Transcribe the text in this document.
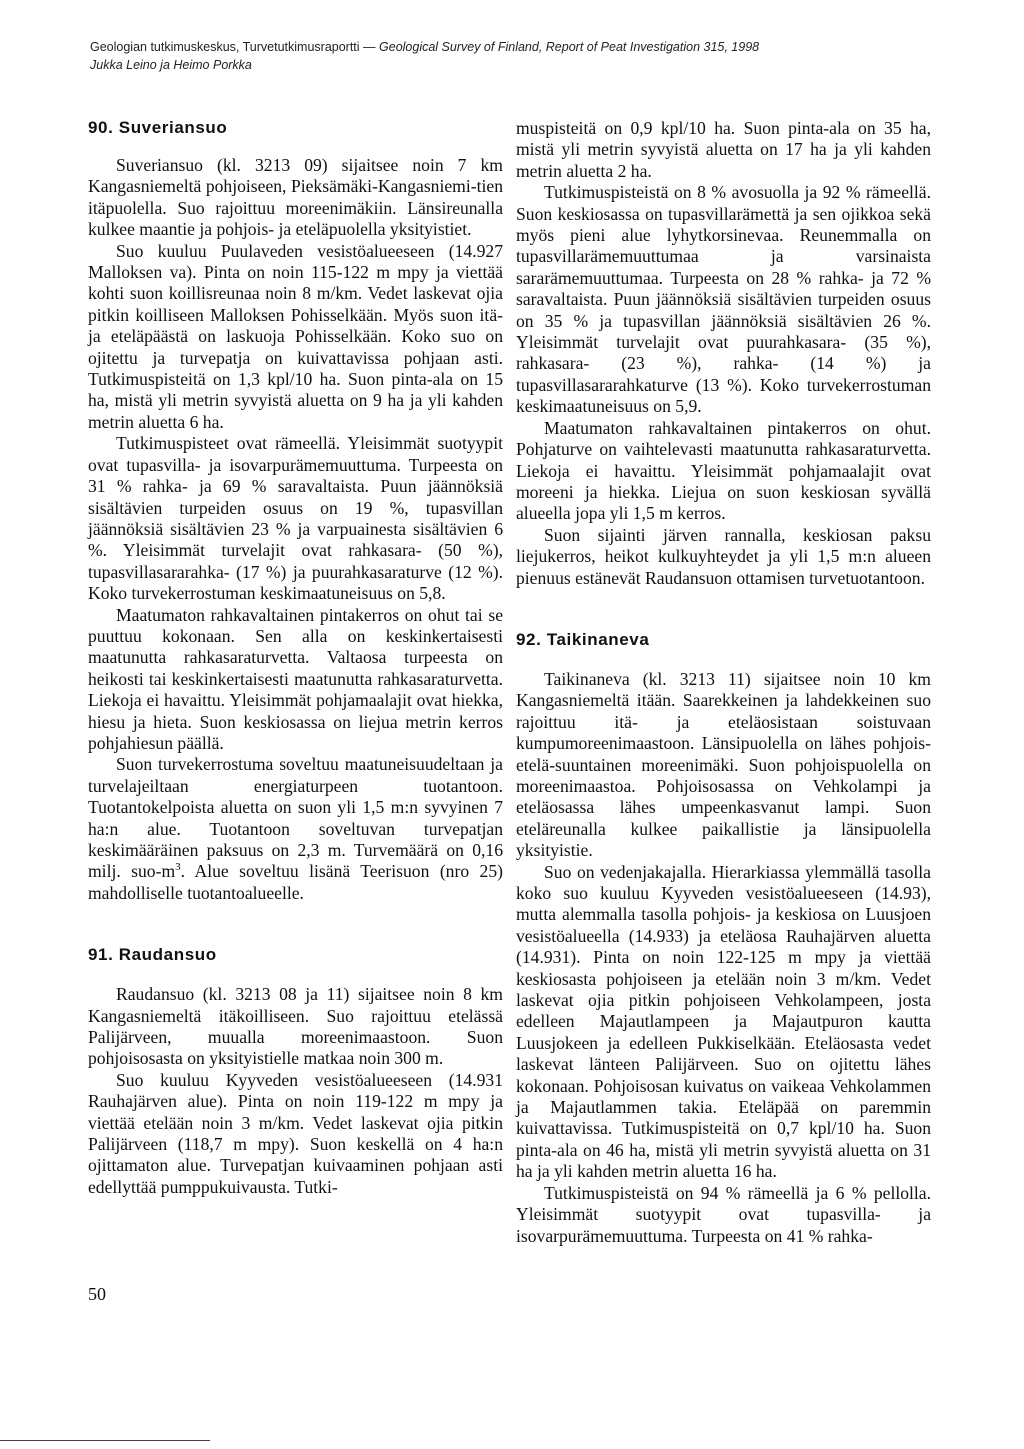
Geologian tutkimuskeskus, Turvetutkimusraportti — Geological Survey of Finland, Report of Peat Investigation 315, 1998
Jukka Leino ja Heimo Porkka
90. Suveriansuo

Suveriansuo (kl. 3213 09) sijaitsee noin 7 km Kangasniemeltä pohjoiseen, Pieksämäki-Kangasniemi-tien itäpuolella. Suo rajoittuu moreenimäkiin. Länsireunalla kulkee maantie ja pohjois- ja eteläpuolella yksityistiet.

Suo kuuluu Puulaveden vesistöalueeseen (14.927 Malloksen va). Pinta on noin 115-122 m mpy ja viettää kohti suon koillisreunaa noin 8 m/km. Vedet laskevat ojia pitkin koilliseen Malloksen Pohisselkään. Myös suon itä- ja eteläpäästä on laskuoja Pohisselkään. Koko suo on ojitettu ja turvepatja on kuivattavissa pohjaan asti. Tutkimuspisteitä on 1,3 kpl/10 ha. Suon pinta-ala on 15 ha, mistä yli metrin syvyistä aluetta on 9 ha ja yli kahden metrin aluetta 6 ha.

Tutkimuspisteet ovat rämeellä. Yleisimmät suotyypit ovat tupasvilla- ja isovarpurämemuuttuma. Turpeesta on 31 % rahka- ja 69 % saravaltaista. Puun jäännöksiä sisältävien turpeiden osuus on 19 %, tupasvillan jäännöksiä sisältävien 23 % ja varpuainesta sisältävien 6 %. Yleisimmät turvelajit ovat rahkasara- (50 %), tupasvillasararahka- (17 %) ja puurahkasaraturve (12 %). Koko turvekerrostuman keskimaatuneisuus on 5,8.

Maatumaton rahkavaltainen pintakerros on ohut tai se puuttuu kokonaan. Sen alla on keskinkertaisesti maatunutta rahkasaraturvetta. Valtaosa turpeesta on heikosti tai keskinkertaisesti maatunutta rahkasaraturvetta. Liekoja ei havaittu. Yleisimmät pohjamaalajit ovat hiekka, hiesu ja hieta. Suon keskiosassa on liejua metrin kerros pohjahiesun päällä.

Suon turvekerrostuma soveltuu maatuneisuudeltaan ja turvelajeiltaan energiaturpeen tuotantoon. Tuotantokelpoista aluetta on suon yli 1,5 m:n syvyinen 7 ha:n alue. Tuotantoon soveltuvan turvepatjan keskimääräinen paksuus on 2,3 m. Turvemäärä on 0,16 milj. suo-$m^3$. Alue soveltuu lisänä Teerisuon (nro 25) mahdolliselle tuotantoalueelle.

91. Raudansuo

Raudansuo (kl. 3213 08 ja 11) sijaitsee noin 8 km Kangasniemeltä itäkoilliseen. Suo rajoittuu etelässä Palijärveen, muualla moreenimaastoon. Suon pohjoisosasta on yksityistielle matkaa noin 300 m.

Suo kuuluu Kyyveden vesistöalueeseen (14.931 Rauhajärven alue). Pinta on noin 119-122 m mpy ja viettää etelään noin 3 m/km. Vedet laskevat ojia pitkin Palijärveen (118,7 m mpy). Suon keskellä on 4 ha:n ojittamaton alue. Turvepatjan kuivaaminen pohjaan asti edellyttää pumppukuivausta. Tutki-

muspisteitä on 0,9 kpl/10 ha. Suon pinta-ala on 35 ha, mistä yli metrin syvyistä aluetta on 17 ha ja yli kahden metrin aluetta 2 ha.

Tutkimuspisteistä on 8 % avosuolla ja 92 % rämeellä. Suon keskiosassa on tupasvillarämettä ja sen ojikkoa sekä myös pieni alue lyhytkorsinevaa. Reunemmalla on tupasvillarämemuuttumaa ja varsinaista sararämemuuttumaa. Turpeesta on 28 % rahka- ja 72 % saravaltaista. Puun jäännöksiä sisältävien turpeiden osuus on 35 % ja tupasvillan jäännöksiä sisältävien 26 %. Yleisimmät turvelajit ovat puurahkasara- (35 %), rahkasara- (23 %), rahka- (14 %) ja tupasvillasararahkaturve (13 %). Koko turvekerrostuman keskimaatuneisuus on 5,9.

Maatumaton rahkavaltainen pintakerros on ohut. Pohjaturve on vaihtelevasti maatunutta rahkasaraturvetta. Liekoja ei havaittu. Yleisimmät pohjamaalajit ovat moreeni ja hiekka. Liejua on suon keskiosan syvällä alueella jopa yli 1,5 m kerros.

Suon sijainti järven rannalla, keskiosan paksu liejukerros, heikot kulkuyhteydet ja yli 1,5 m:n alueen pienuus estänevät Raudansuon ottamisen turvetuotantoon.

92. Taikinaneva

Taikinaneva (kl. 3213 11) sijaitsee noin 10 km Kangasniemeltä itään. Saarekkeinen ja lahdekkeinen suo rajoittuu itä- ja eteläosistaan soistuvaan kumpumoreenimaastoon. Länsipuolella on lähes pohjois-etelä-suuntainen moreenimäki. Suon pohjoispuolella on moreenimaastoa. Pohjoisosassa on Vehkolampi ja eteläosassa lähes umpeenkasvanut lampi. Suon eteläreunalla kulkee paikallistie ja länsipuolella yksityistie.

Suo on vedenjakajalla. Hierarkiassa ylemmällä tasolla koko suo kuuluu Kyyveden vesistöalueeseen (14.93), mutta alemmalla tasolla pohjois- ja keskiosa on Luusjoen vesistöalueella (14.933) ja eteläosa Rauhajärven aluetta (14.931). Pinta on noin 122-125 m mpy ja viettää keskiosasta pohjoiseen ja etelään noin 3 m/km. Vedet laskevat ojia pitkin pohjoiseen Vehkolampeen, josta edelleen Majautlampeen ja Majautpuron kautta Luusjokeen ja edelleen Pukkiselkään. Eteläosasta vedet laskevat länteen Palijärveen. Suo on ojitettu lähes kokonaan. Pohjoisosan kuivatus on vaikeaa Vehkolammen ja Majautlammen takia. Eteläpää on paremmin kuivattavissa. Tutkimuspisteitä on 0,7 kpl/10 ha. Suon pinta-ala on 46 ha, mistä yli metrin syvyistä aluetta on 31 ha ja yli kahden metrin aluetta 16 ha.

Tutkimuspisteistä on 94 % rämeellä ja 6 % pellolla. Yleisimmät suotyypit ovat tupasvilla- ja isovarpurämemuuttuma. Turpeesta on 41 % rahka-

50
